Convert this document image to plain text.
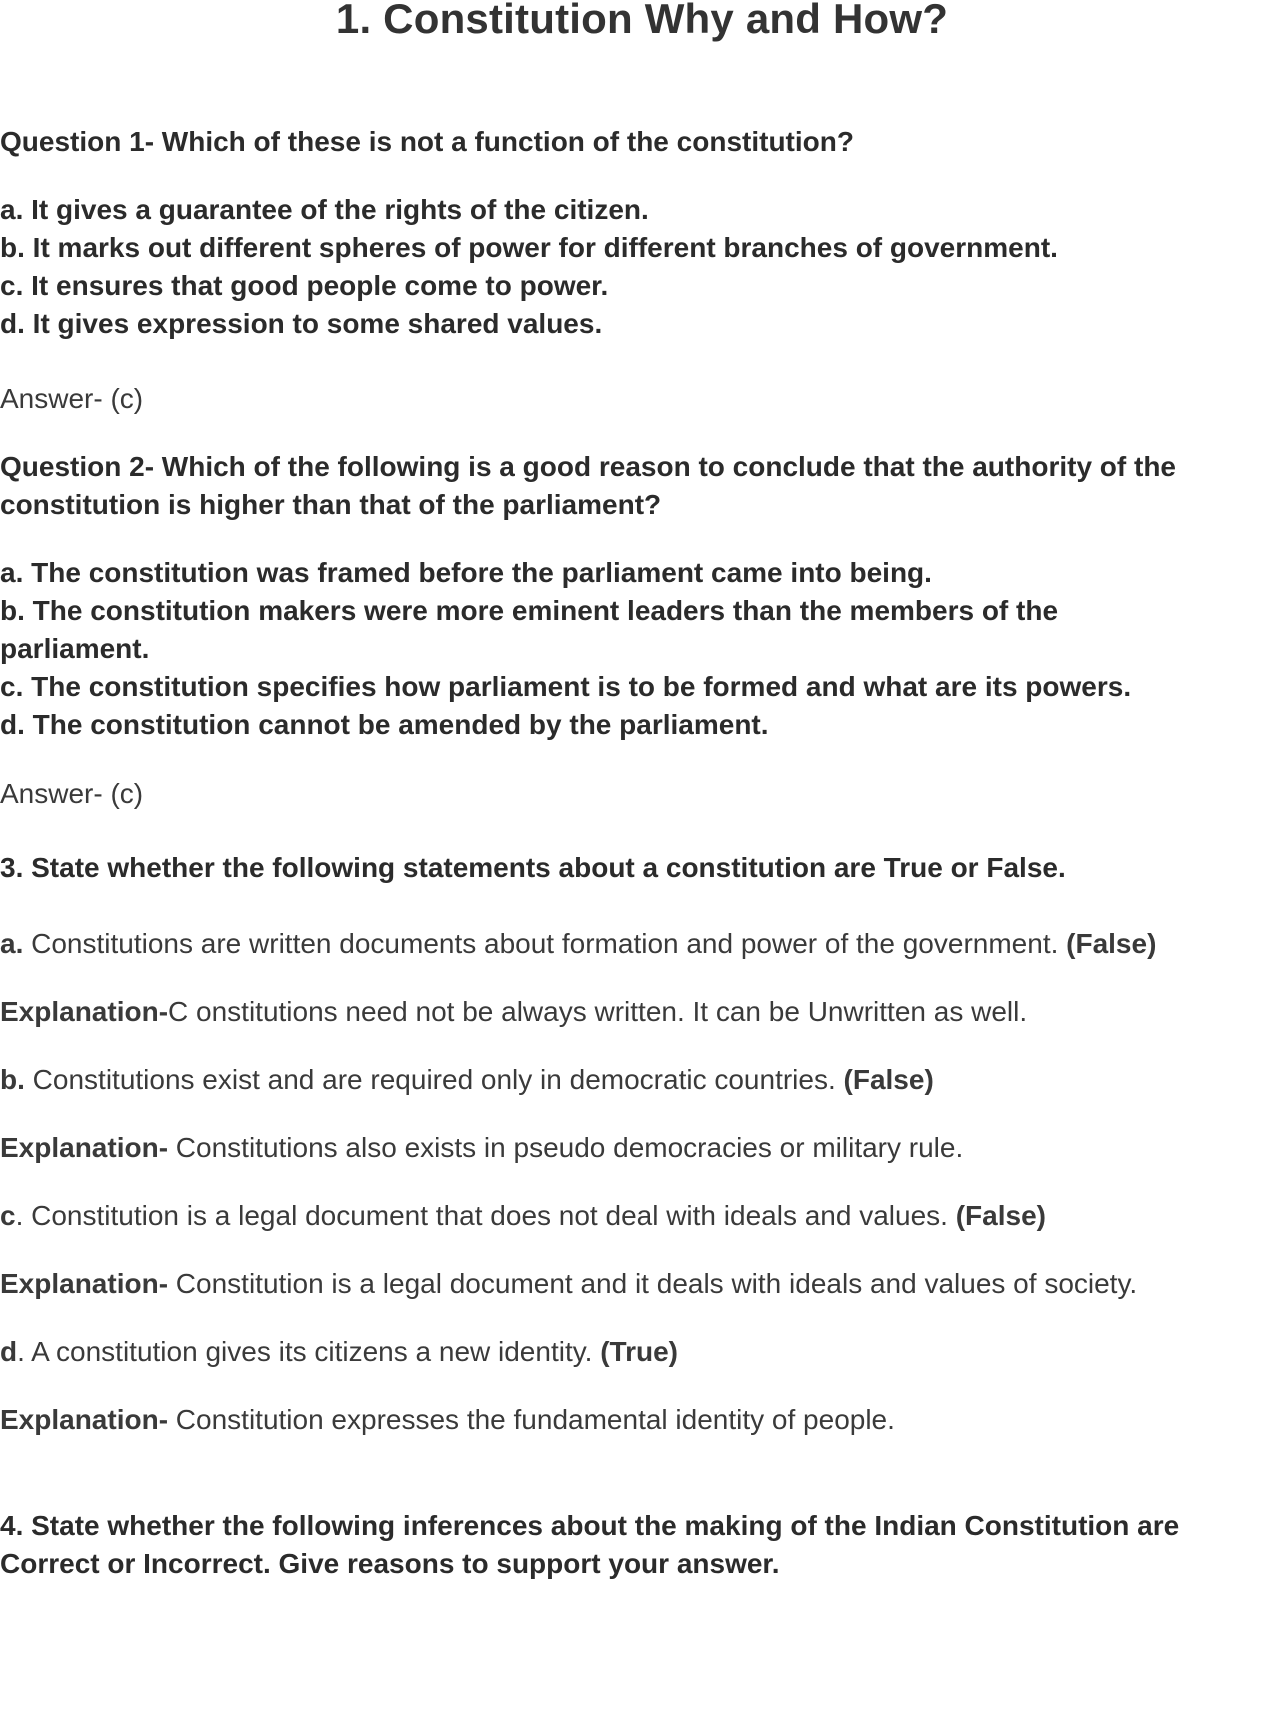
1. Constitution Why and How?

Question 1- Which of these is not a function of the constitution?

a. It gives a guarantee of the rights of the citizen.

b. It marks out different spheres of power for different branches of government.

c. It ensures that good people come to power.

d. It gives expression to some shared values.

Answer- (c)

Question 2- Which of the following is a good reason to conclude that the authority of the

constitution is higher than that of the parliament?

a. The constitution was framed before the parliament came into being.

b. The constitution makers were more eminent leaders than the members of the

parliament.

c. The constitution specifies how parliament is to be formed and what are its powers.

d. The constitution cannot be amended by the parliament.

Answer- (c)

3. State whether the following statements about a constitution are True or False.

a. Constitutions are written documents about formation and power of the government. (False)

Explanation-C onstitutions need not be always written. It can be Unwritten as well.

b. Constitutions exist and are required only in democratic countries. (False)

Explanation- Constitutions also exists in pseudo democracies or military rule.

c. Constitution is a legal document that does not deal with ideals and values. (False)

Explanation- Constitution is a legal document and it deals with ideals and values of society.

d. A constitution gives its citizens a new identity. (True)

Explanation- Constitution expresses the fundamental identity of people.

4. State whether the following inferences about the making of the Indian Constitution are

Correct or Incorrect. Give reasons to support your answer.
